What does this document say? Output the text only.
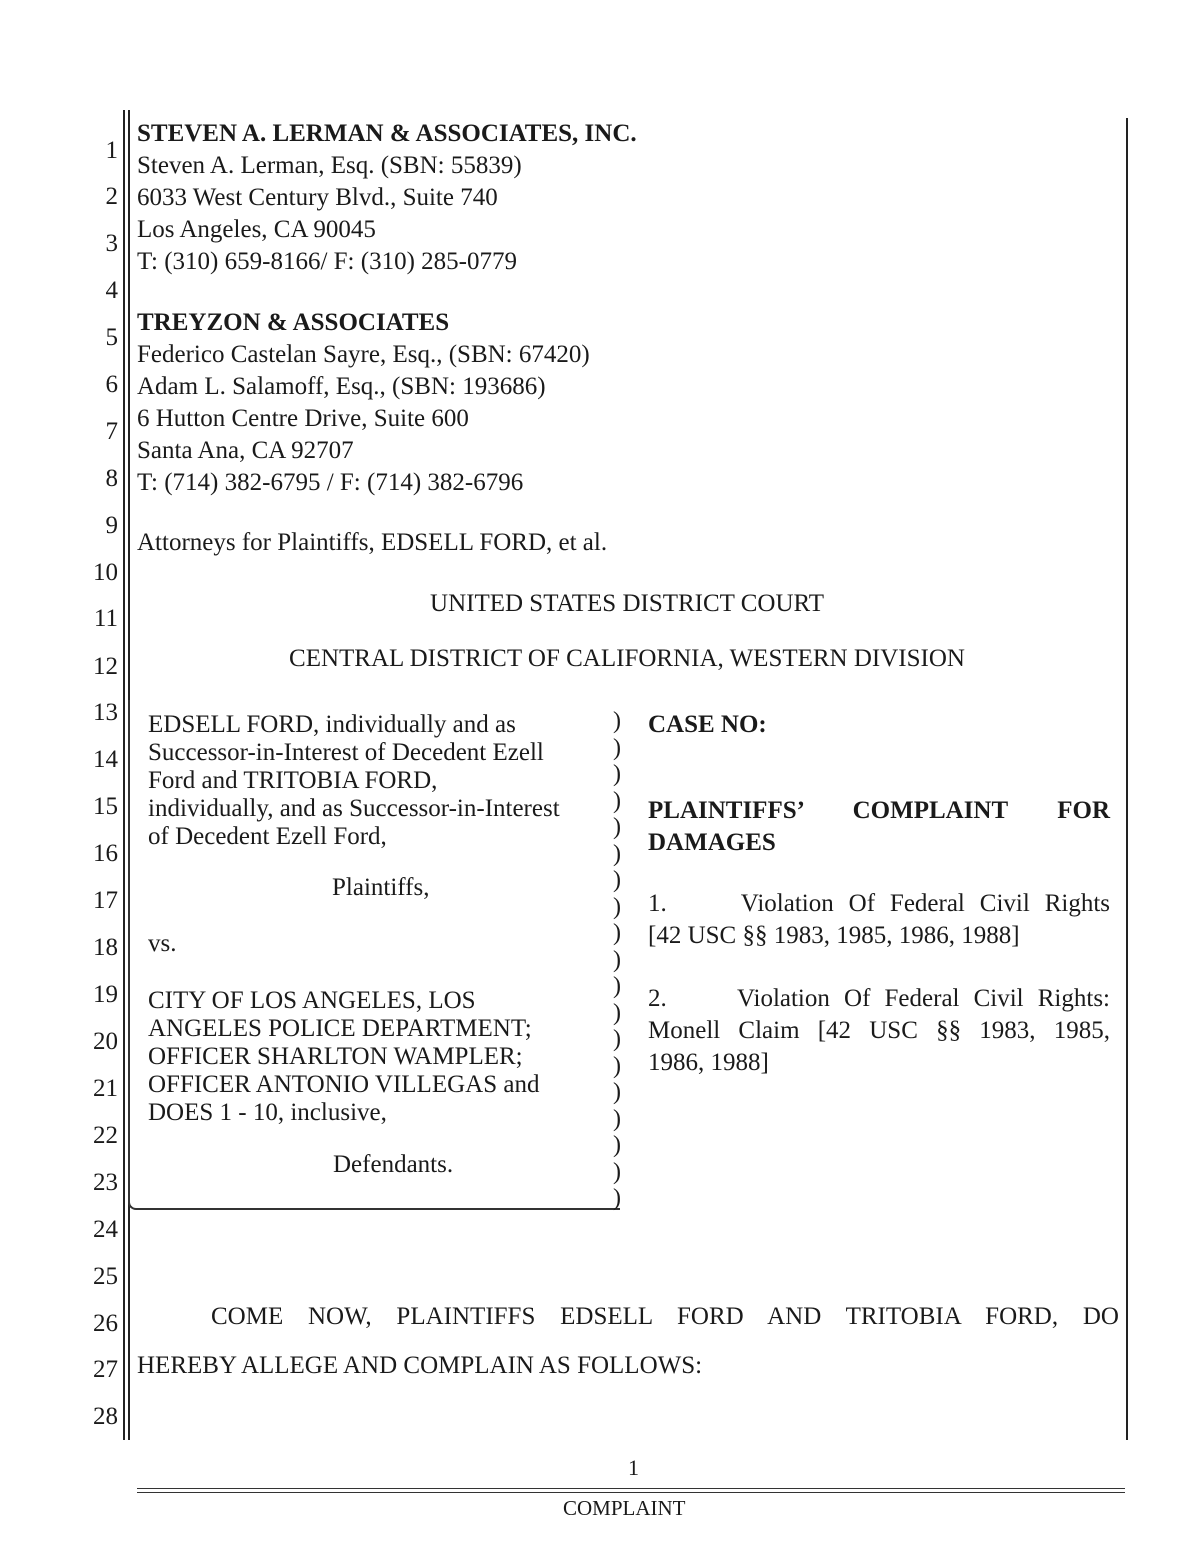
1
2
3
4
5
6
7
8
9
10
11
12
13
14
15
16
17
18
19
20
21
22
23
24
25
26
27
28
STEVEN A. LERMAN & ASSOCIATES, INC.
Steven A. Lerman, Esq. (SBN: 55839)
6033 West Century Blvd., Suite 740
Los Angeles, CA 90045
T: (310) 659-8166/ F: (310) 285-0779
TREYZON & ASSOCIATES
Federico Castelan Sayre, Esq., (SBN: 67420)
Adam L. Salamoff, Esq., (SBN: 193686)
6 Hutton Centre Drive, Suite 600
Santa Ana, CA 92707
T: (714) 382-6795 / F: (714) 382-6796
Attorneys for Plaintiffs, EDSELL FORD, et al.
UNITED STATES DISTRICT COURT
CENTRAL DISTRICT OF CALIFORNIA, WESTERN DIVISION
EDSELL FORD, individually and as
Successor-in-Interest of Decedent Ezell
Ford and TRITOBIA FORD,
individually, and as Successor-in-Interest
of Decedent Ezell Ford,
Plaintiffs,
vs.
CITY OF LOS ANGELES, LOS
ANGELES POLICE DEPARTMENT;
OFFICER SHARLTON WAMPLER;
OFFICER ANTONIO VILLEGAS and
DOES 1 - 10, inclusive,
Defendants.
)
)
)
)
)
)
)
)
)
)
)
)
)
)
)
)
)
)
)
CASE NO:
PLAINTIFFS’   COMPLAINT   FOR
DAMAGES
1.     Violation Of Federal Civil Rights
[42 USC §§ 1983, 1985, 1986, 1988]
2.     Violation Of Federal Civil Rights:
Monell Claim [42 USC §§ 1983, 1985,
1986, 1988]
COME NOW, PLAINTIFFS EDSELL FORD AND TRITOBIA FORD, DO
HEREBY ALLEGE AND COMPLAIN AS FOLLOWS:
1
COMPLAINT
